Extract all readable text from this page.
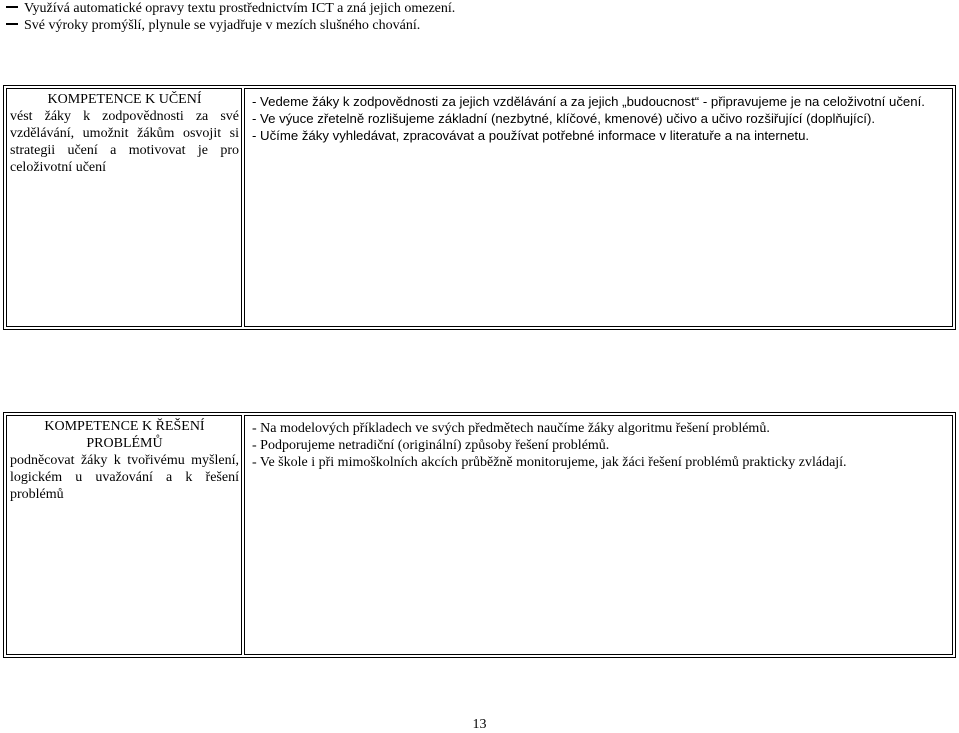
Využívá automatické opravy textu prostřednictvím ICT a zná jejich omezení.
Své výroky promýšlí, plynule se vyjadřuje v mezích slušného chování.
KOMPETENCE K UČENÍ
vést žáky k zodpovědnosti za své vzdělávání, umožnit žákům osvojit si strategii učení a motivovat je pro celoživotní učení
- Vedeme žáky k zodpovědnosti za jejich vzdělávání a za jejich „budoucnost“ - připravujeme je na celoživotní učení.
- Ve výuce zřetelně rozlišujeme základní (nezbytné, klíčové, kmenové) učivo a učivo rozšiřující (doplňující).
- Učíme žáky vyhledávat, zpracovávat a používat potřebné informace v literatuře a na internetu.
KOMPETENCE K ŘEŠENÍ
PROBLÉMŮ
podněcovat žáky k tvořivému myšlení, logickém u uvažování a k řešení problémů
- Na modelových příkladech ve svých předmětech naučíme žáky algoritmu řešení problémů.
- Podporujeme netradiční (originální) způsoby řešení problémů.
- Ve škole i při mimoškolních akcích průběžně monitorujeme, jak žáci řešení problémů prakticky zvládají.
13
